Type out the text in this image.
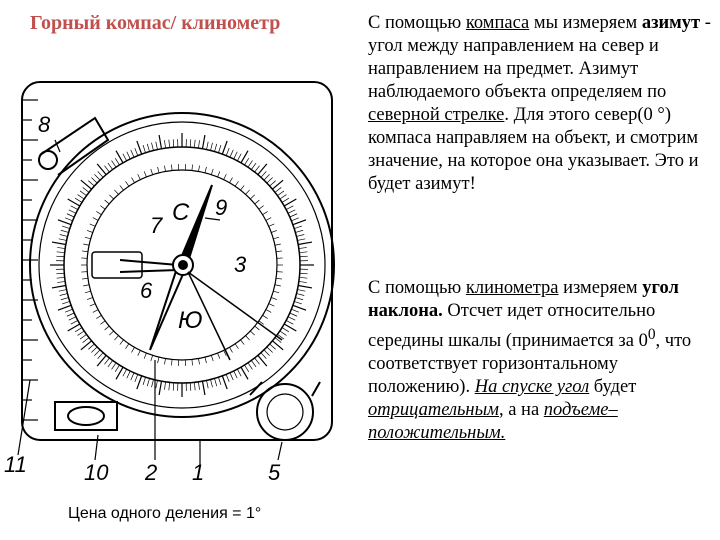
Горный компас/ клинометр	С помощью компаса мы измеряем азимут - угол между направлением на север и направлением на предмет. Азимут наблюдаемого объекта определяем по северной стрелке. Для этого север(0 °) компаса направляем на объект, и смотрим значение, на которое она указывает. Это и будет азимут!
С помощью клинометра измеряем угол наклона. Отсчет идет относительно середины шкалы (принимается за $0^0$, что соответствует горизонтальному положению). На спуске угол будет отрицательным, а на подъеме–
положительным.
Цена одного деления = 1°
С
Ю
8
9
7
3
6
10
11	2 1	5
